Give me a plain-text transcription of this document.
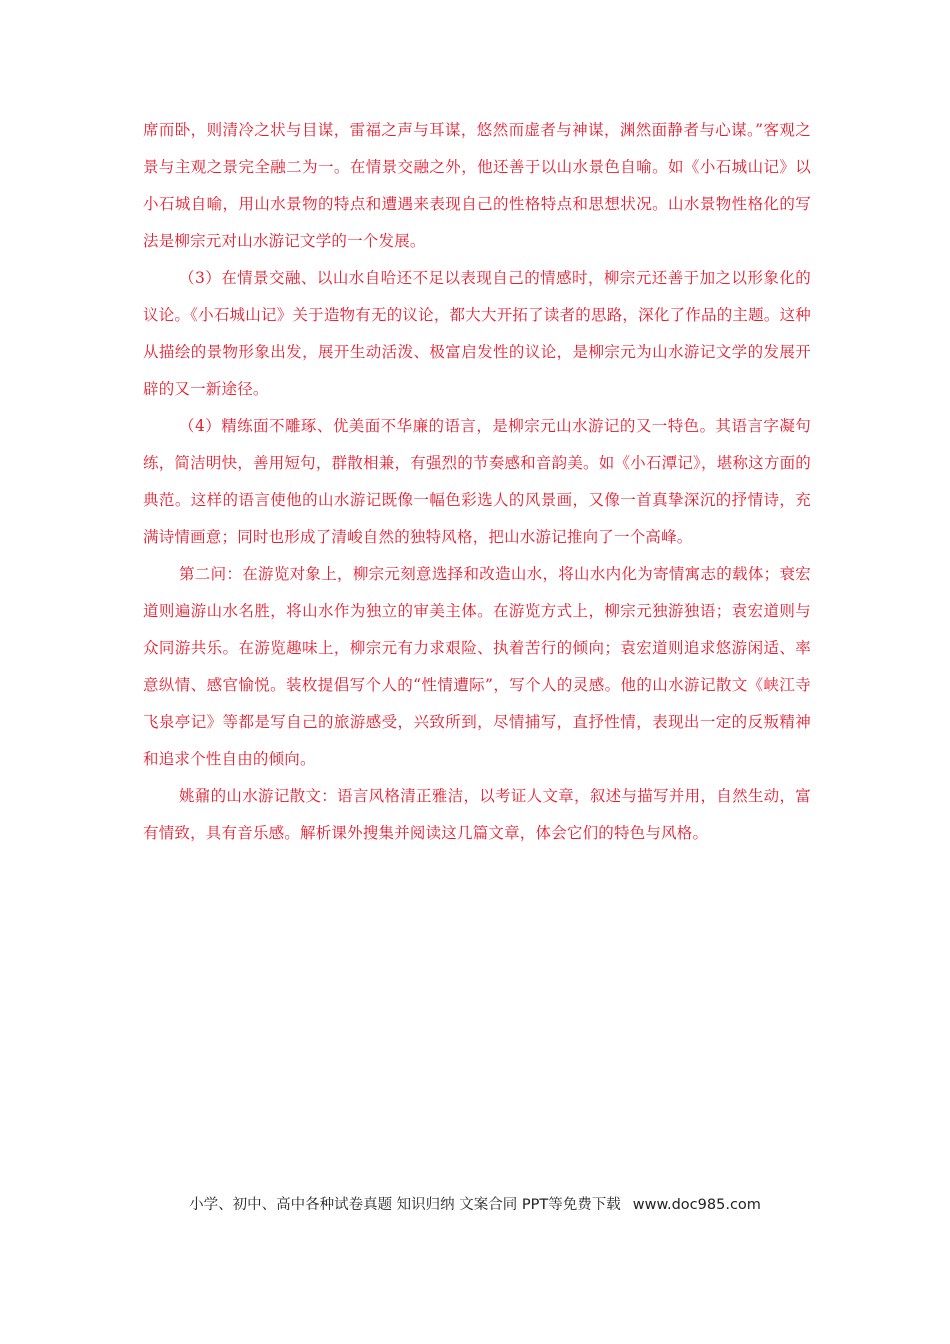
席而卧，则清冷之状与目谋，雷福之声与耳谋，悠然而虚者与神谋，渊然面静者与心谋。”客观之景与主观之景完全融二为一。在情景交融之外，他还善于以山水景色自喻。如《小石城山记》以小石城自喻，用山水景物的特点和遭遇来表现自己的性格特点和思想状况。山水景物性格化的写法是柳宗元对山水游记文学的一个发展。

（3）在情景交融、以山水自哈还不足以表现自己的情感时，柳宗元还善于加之以形象化的议论。《小石城山记》关于造物有无的议论，都大大开拓了读者的思路，深化了作品的主题。这种从描绘的景物形象出发，展开生动活泼、极富启发性的议论，是柳宗元为山水游记文学的发展开辟的又一新途径。

（4）精练面不雕琢、优美面不华廉的语言，是柳宗元山水游记的又一特色。其语言字凝句练，简洁明快，善用短句，群散相兼，有强烈的节奏感和音韵美。如《小石潭记》，堪称这方面的典范。这样的语言使他的山水游记既像一幅色彩选人的风景画，又像一首真挚深沉的抒情诗，充满诗情画意；同时也形成了清峻自然的独特风格，把山水游记推向了一个高峰。

第二问：在游览对象上，柳宗元刻意选择和改造山水，将山水内化为寄情寓志的载体；衰宏道则遍游山水名胜，将山水作为独立的审美主体。在游览方式上，柳宗元独游独语；袁宏道则与众同游共乐。在游览趣味上，柳宗元有力求艰险、执着苦行的倾向；袁宏道则追求悠游闲适、率意纵情、感官愉悦。装枚提倡写个人的“性情遭际”，写个人的灵感。他的山水游记散文《峡江寺飞泉亭记》等都是写自己的旅游感受，兴致所到，尽情捕写，直抒性情，表现出一定的反叛精神和追求个性自由的倾向。

姚鼐的山水游记散文：语言风格清正雅洁，以考证人文章，叙述与描写并用，自然生动，富有情致，具有音乐感。解析课外搜集并阅读这几篇文章，体会它们的特色与风格。

小学、初中、高中各种试卷真题 知识归纳 文案合同 PPT等免费下载 www.doc985.com
